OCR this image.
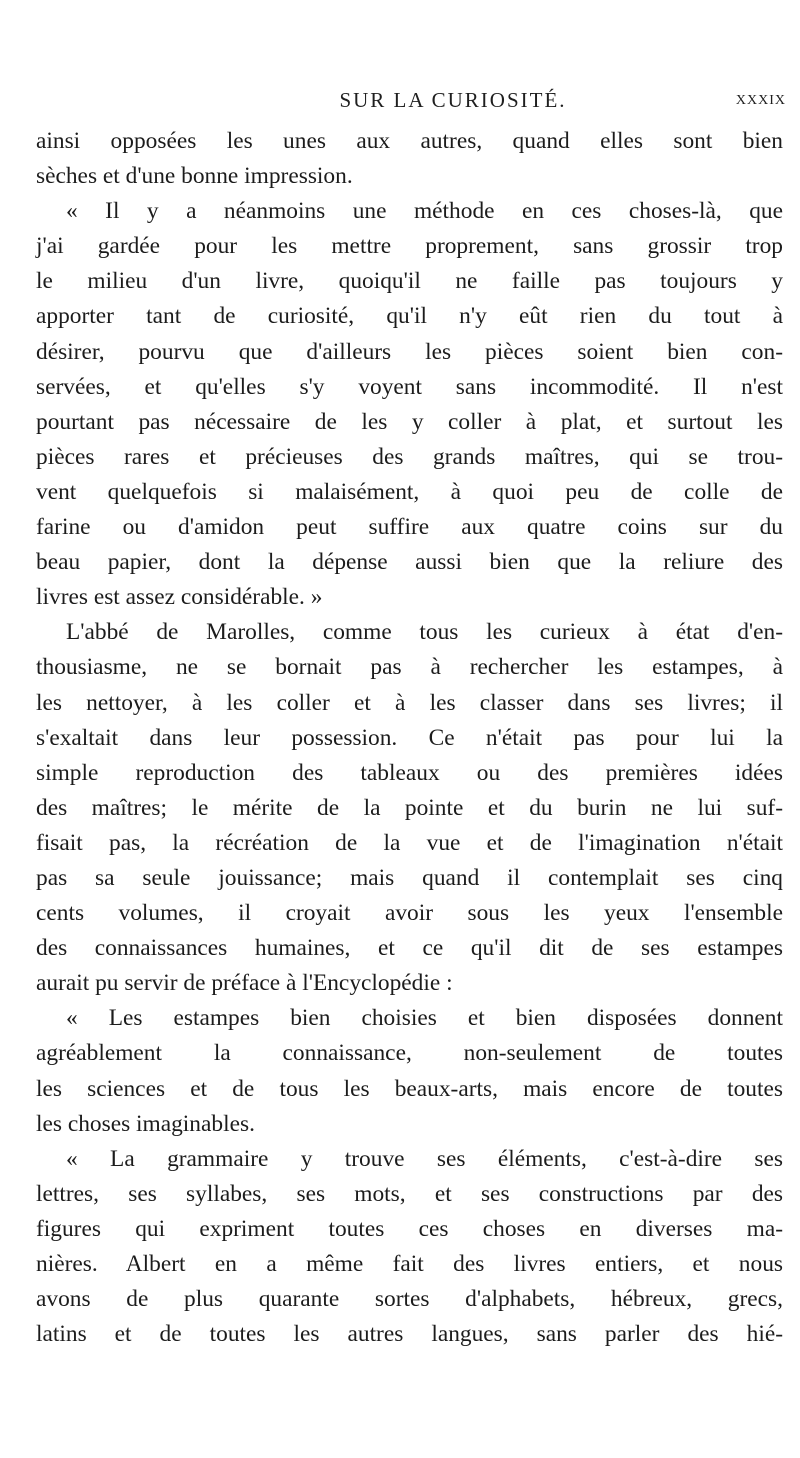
SUR LA CURIOSITÉ.	XXXIX
ainsi opposées les unes aux autres, quand elles sont bien
sèches et d'une bonne impression.
« Il y a néanmoins une méthode en ces choses-là, que
j'ai gardée pour les mettre proprement, sans grossir trop
le milieu d'un livre, quoiqu'il ne faille pas toujours y
apporter tant de curiosité, qu'il n'y eût rien du tout à
désirer, pourvu que d'ailleurs les pièces soient bien con-
servées, et qu'elles s'y voyent sans incommodité. Il n'est
pourtant pas nécessaire de les y coller à plat, et surtout les
pièces rares et précieuses des grands maîtres, qui se trou-
vent quelquefois si malaisément, à quoi peu de colle de
farine ou d'amidon peut suffire aux quatre coins sur du
beau papier, dont la dépense aussi bien que la reliure des
livres est assez considérable. »
L'abbé de Marolles, comme tous les curieux à état d'en-
thousiasme, ne se bornait pas à rechercher les estampes, à
les nettoyer, à les coller et à les classer dans ses livres; il
s'exaltait dans leur possession. Ce n'était pas pour lui la
simple reproduction des tableaux ou des premières idées
des maîtres; le mérite de la pointe et du burin ne lui suf-
fisait pas, la récréation de la vue et de l'imagination n'était
pas sa seule jouissance; mais quand il contemplait ses cinq
cents volumes, il croyait avoir sous les yeux l'ensemble
des connaissances humaines, et ce qu'il dit de ses estampes
aurait pu servir de préface à l'Encyclopédie :
« Les estampes bien choisies et bien disposées donnent
agréablement la connaissance, non-seulement de toutes
les sciences et de tous les beaux-arts, mais encore de toutes
les choses imaginables.
« La grammaire y trouve ses éléments, c'est-à-dire ses
lettres, ses syllabes, ses mots, et ses constructions par des
figures qui expriment toutes ces choses en diverses ma-
nières. Albert en a même fait des livres entiers, et nous
avons de plus quarante sortes d'alphabets, hébreux, grecs,
latins et de toutes les autres langues, sans parler des hié-
